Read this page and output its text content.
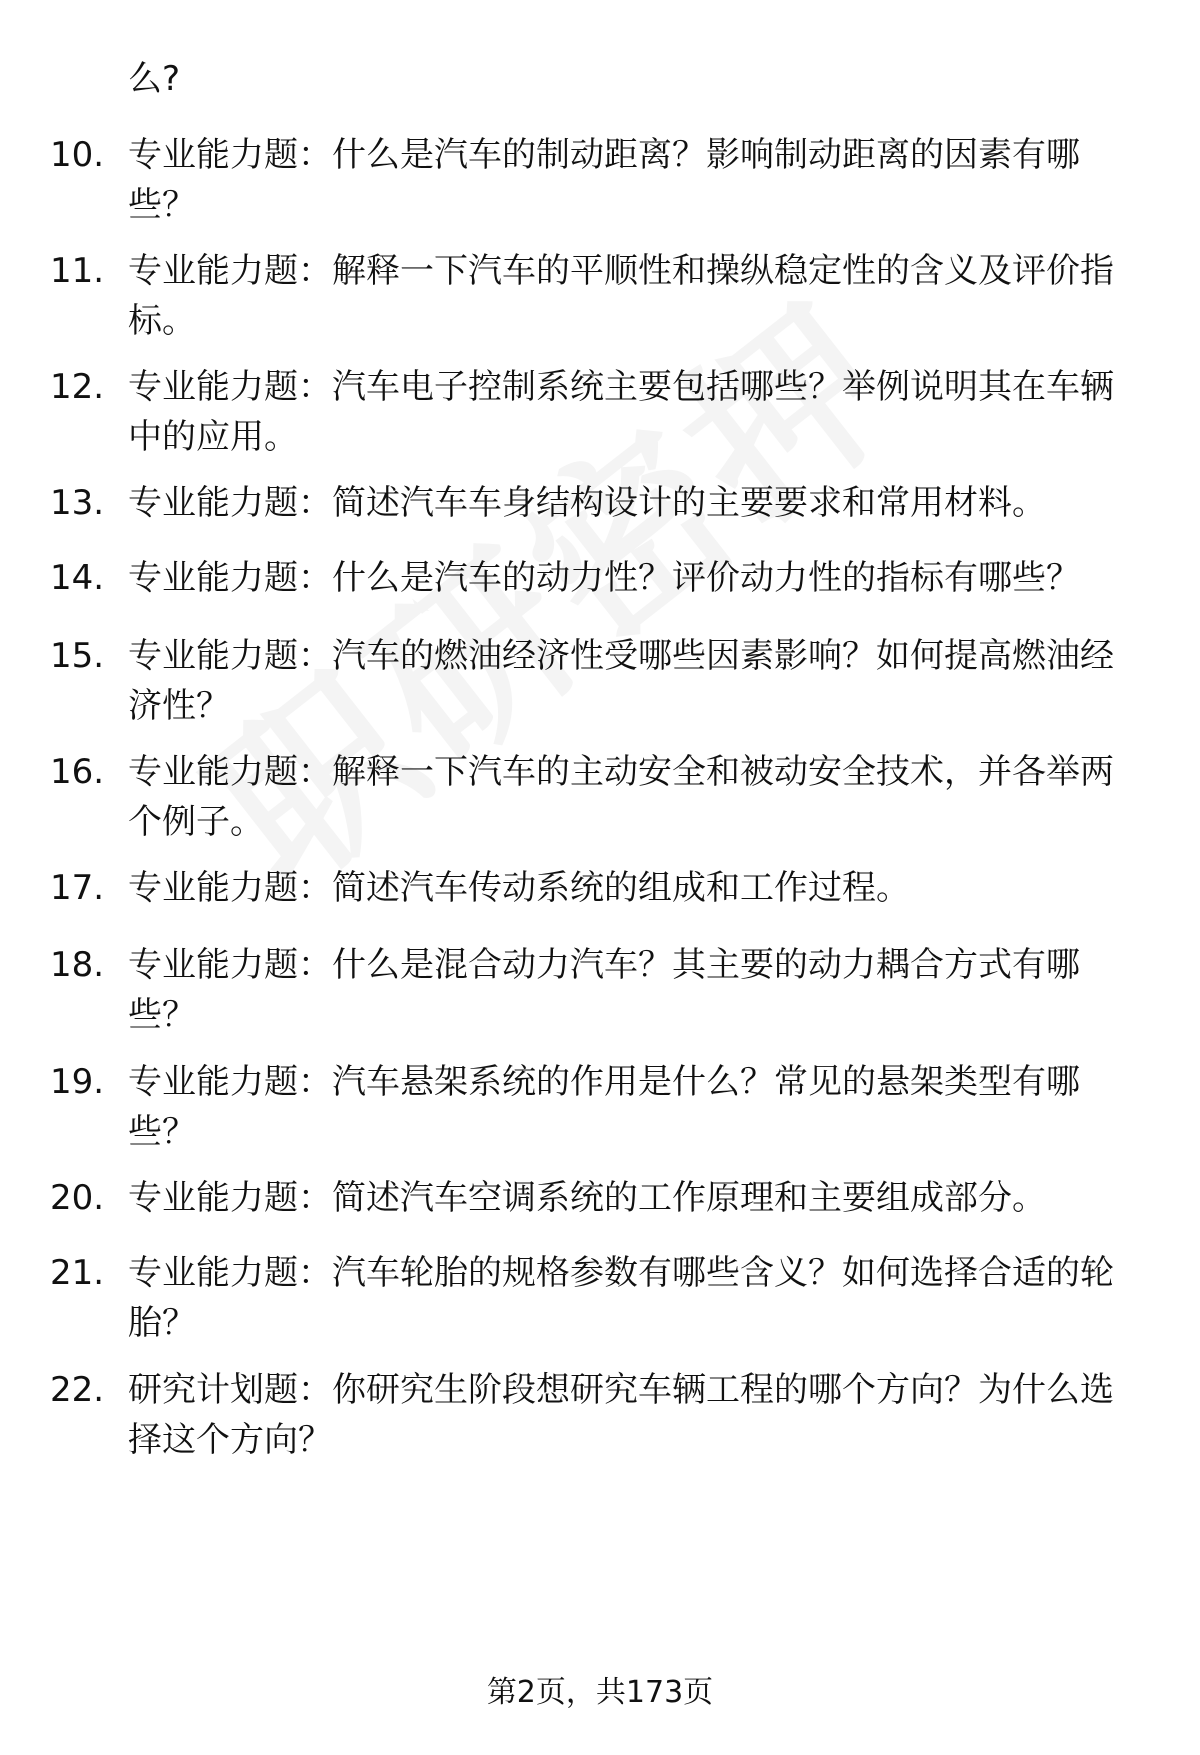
么?

10. 专业能力题：什么是汽车的制动距离？影响制动距离的因素有哪些？
11. 专业能力题：解释一下汽车的平顺性和操纵稳定性的含义及评价指标。
12. 专业能力题：汽车电子控制系统主要包括哪些？举例说明其在车辆中的应用。
13. 专业能力题：简述汽车车身结构设计的主要要求和常用材料。
14. 专业能力题：什么是汽车的动力性？评价动力性的指标有哪些？
15. 专业能力题：汽车的燃油经济性受哪些因素影响？如何提高燃油经济性？
16. 专业能力题：解释一下汽车的主动安全和被动安全技术，并各举两个例子。
17. 专业能力题：简述汽车传动系统的组成和工作过程。
18. 专业能力题：什么是混合动力汽车？其主要的动力耦合方式有哪些？
19. 专业能力题：汽车悬架系统的作用是什么？常见的悬架类型有哪些？
20. 专业能力题：简述汽车空调系统的工作原理和主要组成部分。
21. 专业能力题：汽车轮胎的规格参数有哪些含义？如何选择合适的轮胎？
22. 研究计划题：你研究生阶段想研究车辆工程的哪个方向？为什么选择这个方向？
第2页，共173页
